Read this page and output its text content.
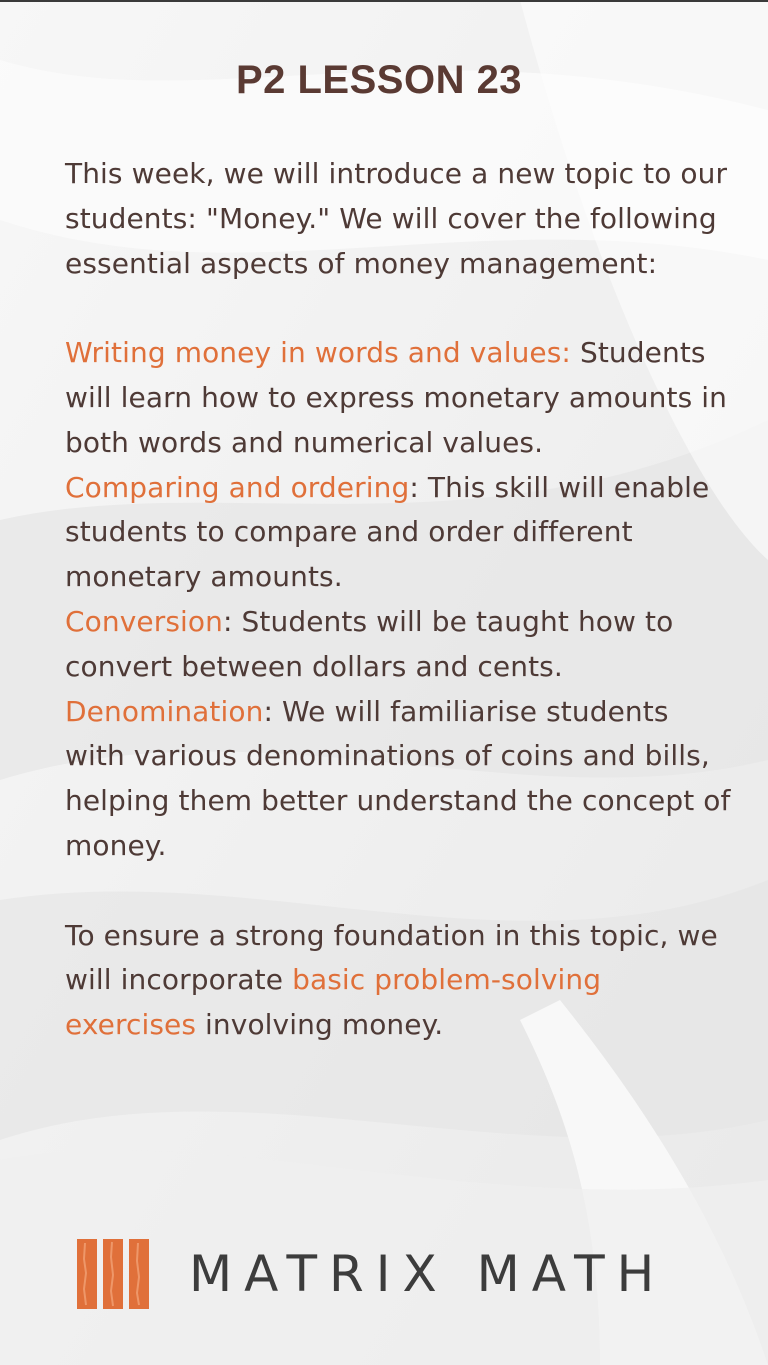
P2 LESSON 23

This week, we will introduce a new topic to our students: "Money." We will cover the following essential aspects of money management:

Writing money in words and values: Students will learn how to express monetary amounts in both words and numerical values.

Comparing and ordering: This skill will enable students to compare and order different monetary amounts.

Conversion: Students will be taught how to convert between dollars and cents.

Denomination: We will familiarise students with various denominations of coins and bills, helping them better understand the concept of money.

To ensure a strong foundation in this topic, we will incorporate basic problem-solving exercises involving money.

MATRIX MATH
